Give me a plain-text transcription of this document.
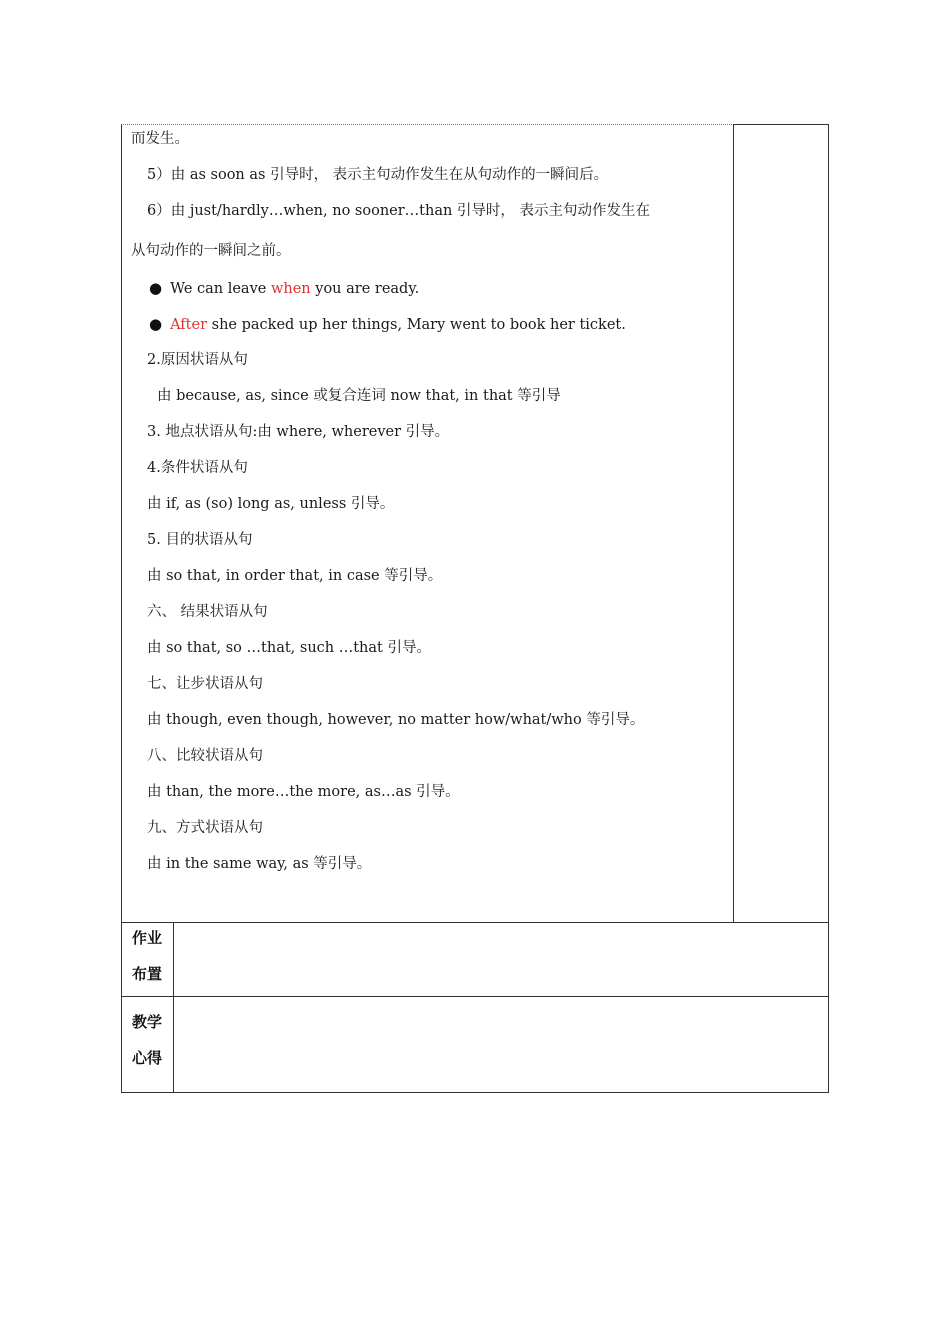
而发生。
5）由 as soon as 引导时， 表示主句动作发生在从句动作的一瞬间后。
6）由 just/hardly…when, no sooner…than 引导时， 表示主句动作发生在
从句动作的一瞬间之前。
● We can leave when you are ready.
● After she packed up her things, Mary went to book her ticket.
2.原因状语从句
由 because, as, since 或复合连词 now that, in that 等引导
3. 地点状语从句:由 where, wherever 引导。
4.条件状语从句
由 if, as (so) long as, unless 引导。
5. 目的状语从句
由 so that, in order that, in case 等引导。
六、 结果状语从句
由 so that, so …that, such …that 引导。
七、让步状语从句
由 though, even though, however, no matter how/what/who 等引导。
八、比较状语从句
由 than, the more…the more, as…as 引导。
九、方式状语从句
由 in the same way, as 等引导。
作业
布置
教学
心得
